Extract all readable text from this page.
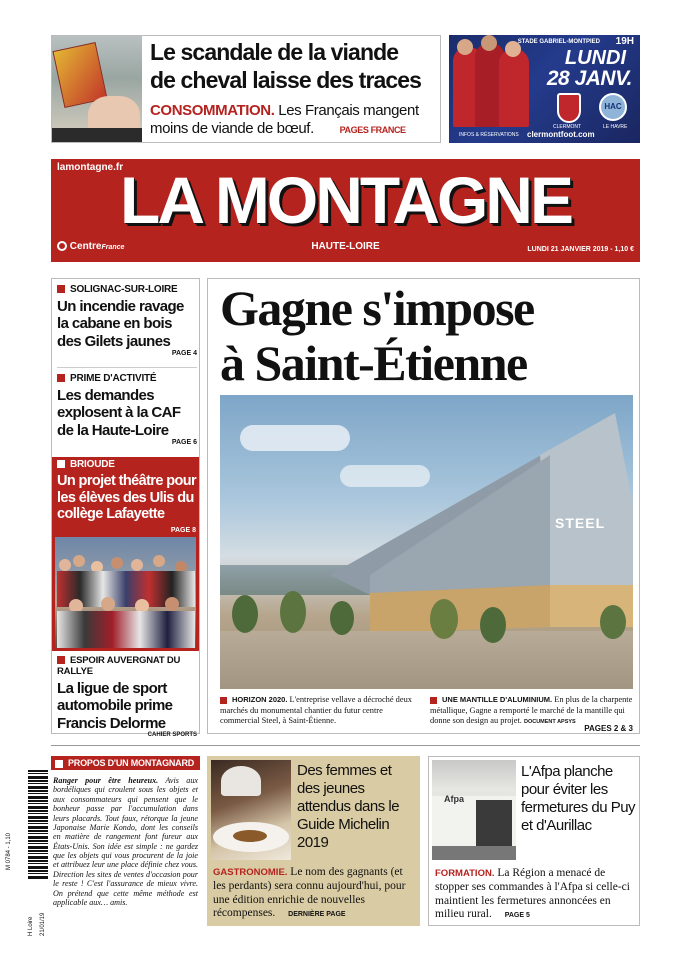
Le scandale de la viande
de cheval laisse des traces
CONSOMMATION. Les Français mangent
moins de viande de bœuf.	PAGES FRANCE
STADE GABRIEL-MONTPIED 19H
LUNDI
28 JANV.
HAC
CLERMONT	LE HAVRE
INFOS & RÉSERVATIONS clermontfoot.com
lamontagne.fr
LA MONTAGNE
CentreFrance	HAUTE-LOIRE	LUNDI 21 JANVIER 2019 - 1,10 €
SOLIGNAC-SUR-LOIRE
Un incendie ravage la cabane en bois des Gilets jaunes
PAGE 4
PRIME D'ACTIVITÉ
Les demandes explosent à la CAF de la Haute-Loire
PAGE 6
BRIOUDE
Un projet théâtre pour les élèves des Ulis du collège Lafayette
PAGE 8
ESPOIR AUVERGNAT DU RALLYE
La ligue de sport automobile prime Francis Delorme
CAHIER SPORTS
Gagne s'impose
à Saint-Étienne
STEEL
HORIZON 2020. L'entreprise vellave a décroché deux marchés du monumental chantier du futur centre commercial Steel, à Saint-Étienne.
UNE MANTILLE D'ALUMINIUM. En plus de la charpente métallique, Gagne a remporté le marché de la mantille qui donne son design au projet. DOCUMENT APSYS
PAGES 2 & 3
M 0784 - 1,10
H Loire 21/01/19
PROPOS D'UN MONTAGNARD
Ranger pour être heureux. Avis aux bordéliques qui croulent sous les objets et aux consommateurs qui pensent que le bonheur passe par l'accumulation dans leurs placards. Tout faux, rétorque la jeune Japonaise Marie Kondo, dont les conseils en matière de rangement font fureur aux États-Unis. Son idée est simple : ne gardez que les objets qui vous procurent de la joie et attribuez leur une place définie chez vous. Direction les sites de ventes d'occasion pour le reste ! C'est l'assurance de mieux vivre. On prétend que cette même méthode est applicable aux… amis.
Des femmes et des jeunes attendus dans le Guide Michelin 2019
GASTRONOMIE. Le nom des gagnants (et les perdants) sera connu aujourd'hui, pour une édition enrichie de nouvelles récompenses. DERNIÈRE PAGE
Afpa
L'Afpa planche pour éviter les fermetures du Puy et d'Aurillac
FORMATION. La Région a menacé de stopper ses commandes à l'Afpa si celle-ci maintient les fermetures annoncées en milieu rural. PAGE 5
